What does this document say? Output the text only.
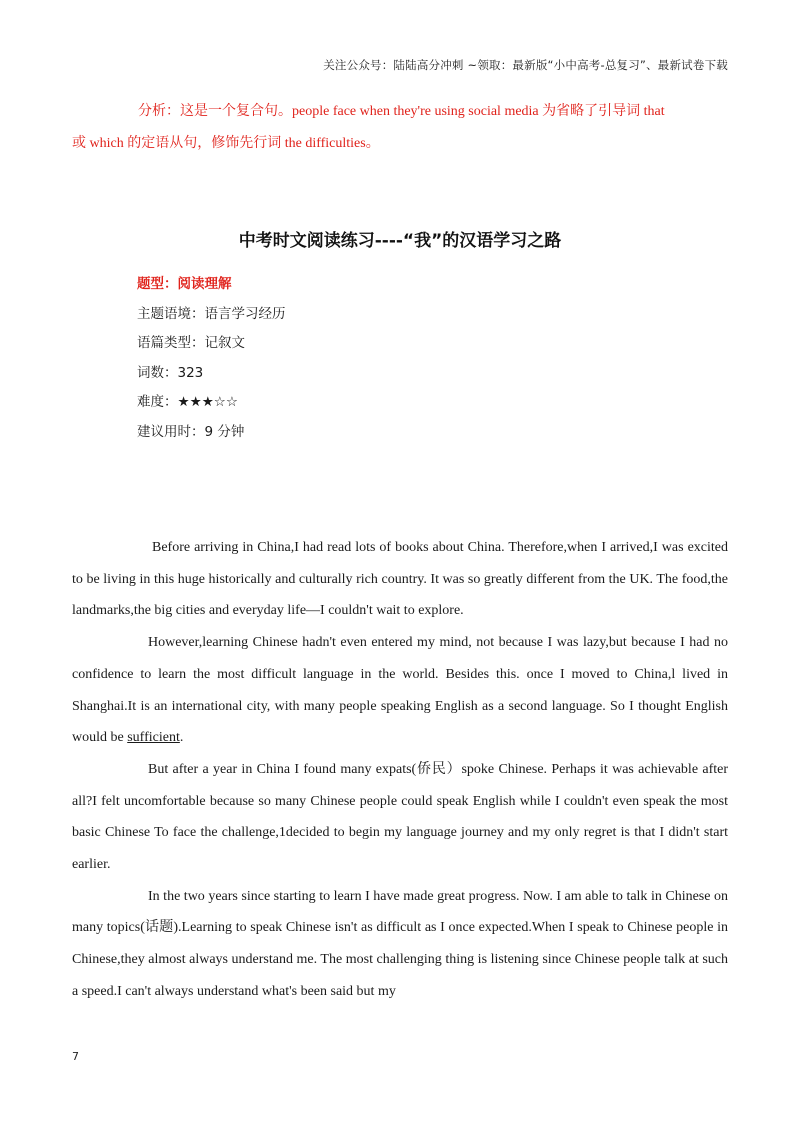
关注公众号：陆陆高分冲刺 ~领取：最新版“小中高考-总复习”、最新试卷下载
分析：这是一个复合句。people face when they're using social media 为省略了引导词 that
或 which 的定语从句，修饰先行词 the difficulties。
中考时文阅读练习----“我”的汉语学习之路
题型：阅读理解
主题语境：语言学习经历
语篇类型：记叙文
词数：323
难度：★★★☆☆
建议用时：9 分钟

Before arriving in China,I had read lots of books about China. Therefore,when I arrived,I was excited to be living in this huge historically and culturally rich country. It was so greatly different from the UK. The food,the landmarks,the big cities and everyday life—I couldn't wait to explore.

However,learning Chinese hadn't even entered my mind, not because I was lazy,but because I had no confidence to learn the most difficult language in the world. Besides this. once I moved to China,l lived in Shanghai.It is an international city, with many people speaking English as a second language. So I thought English would be sufficient.

But after a year in China I found many expats(侨民）spoke Chinese. Perhaps it was achievable after all?I felt uncomfortable because so many Chinese people could speak English while I couldn't even speak the most basic Chinese To face the challenge,1decided to begin my language journey and my only regret is that I didn't start earlier.

In the two years since starting to learn I have made great progress. Now. I am able to talk in Chinese on many topics(话题).Learning to speak Chinese isn't as difficult as I once expected.When I speak to Chinese people in Chinese,they almost always understand me. The most challenging thing is listening since Chinese people talk at such a speed.I can't always understand what's been said but my

7
